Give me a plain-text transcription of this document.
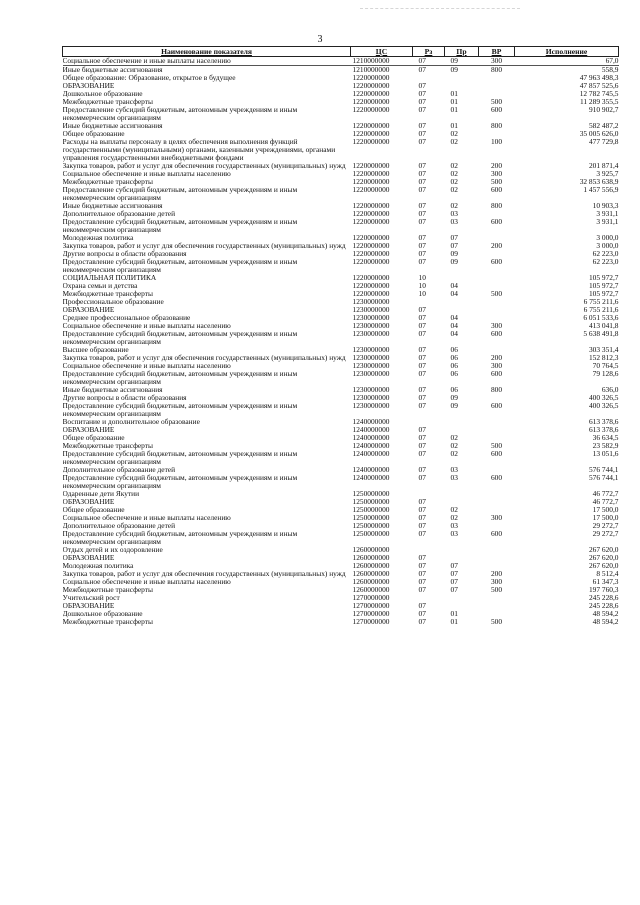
3
Наименование показателя	ЦС	Рз	Пр	ВР	Исполнение
Социальное обеспечение и иные выплаты населению	1210000000	07	09	300	67,0
Иные бюджетные ассигнования	1210000000	07	09	800	558,9
Общее образование: Образование, открытое в будущее	1220000000				47 963 498,3
ОБРАЗОВАНИЕ	1220000000	07			47 857 525,6
Дошкольное образование	1220000000	07	01		12 782 745,5
Межбюджетные трансферты	1220000000	07	01	500	11 289 355,5
Предоставление субсидий бюджетным, автономным учреждениям и иным некоммерческим организациям	1220000000	07	01	600	910 902,7
Иные бюджетные ассигнования	1220000000	07	01	800	582 487,2
Общее образование	1220000000	07	02		35 005 626,0
Расходы на выплаты персоналу в целях обеспечения выполнения функций государственными (муниципальными) органами, казенными учреждениями, органами управления государственными внебюджетными фондами	1220000000	07	02	100	477 729,8
Закупка товаров, работ и услуг для обеспечения государственных (муниципальных) нужд	1220000000	07	02	200	201 871,4
Социальное обеспечение и иные выплаты населению	1220000000	07	02	300	3 925,7
Межбюджетные трансферты	1220000000	07	02	500	32 853 638,9
Предоставление субсидий бюджетным, автономным учреждениям и иным некоммерческим организациям	1220000000	07	02	600	1 457 556,9
Иные бюджетные ассигнования	1220000000	07	02	800	10 903,3
Дополнительное образование детей	1220000000	07	03		3 931,1
Предоставление субсидий бюджетным, автономным учреждениям и иным некоммерческим организациям	1220000000	07	03	600	3 931,1
Молодежная политика	1220000000	07	07		3 000,0
Закупка товаров, работ и услуг для обеспечения государственных (муниципальных) нужд	1220000000	07	07	200	3 000,0
Другие вопросы в области образования	1220000000	07	09		62 223,0
Предоставление субсидий бюджетным, автономным учреждениям и иным некоммерческим организациям	1220000000	07	09	600	62 223,0
СОЦИАЛЬНАЯ ПОЛИТИКА	1220000000	10			105 972,7
Охрана семьи и детства	1220000000	10	04		105 972,7
Межбюджетные трансферты	1220000000	10	04	500	105 972,7
Профессиональное образование	1230000000				6 755 211,6
ОБРАЗОВАНИЕ	1230000000	07			6 755 211,6
Среднее профессиональное образование	1230000000	07	04		6 051 533,6
Социальное обеспечение и иные выплаты населению	1230000000	07	04	300	413 041,8
Предоставление субсидий бюджетным, автономным учреждениям и иным некоммерческим организациям	1230000000	07	04	600	5 638 491,8
Высшее образование	1230000000	07	06		303 351,4
Закупка товаров, работ и услуг для обеспечения государственных (муниципальных) нужд	1230000000	07	06	200	152 812,3
Социальное обеспечение и иные выплаты населению	1230000000	07	06	300	70 764,5
Предоставление субсидий бюджетным, автономным учреждениям и иным некоммерческим организациям	1230000000	07	06	600	79 128,6
Иные бюджетные ассигнования	1230000000	07	06	800	636,0
Другие вопросы в области образования	1230000000	07	09		400 326,5
Предоставление субсидий бюджетным, автономным учреждениям и иным некоммерческим организациям	1230000000	07	09	600	400 326,5
Воспитание и дополнительное образование	1240000000				613 378,6
ОБРАЗОВАНИЕ	1240000000	07			613 378,6
Общее образование	1240000000	07	02		36 634,5
Межбюджетные трансферты	1240000000	07	02	500	23 582,9
Предоставление субсидий бюджетным, автономным учреждениям и иным некоммерческим организациям	1240000000	07	02	600	13 051,6
Дополнительное образование детей	1240000000	07	03		576 744,1
Предоставление субсидий бюджетным, автономным учреждениям и иным некоммерческим организациям	1240000000	07	03	600	576 744,1
Одаренные дети Якутии	1250000000				46 772,7
ОБРАЗОВАНИЕ	1250000000	07			46 772,7
Общее образование	1250000000	07	02		17 500,0
Социальное обеспечение и иные выплаты населению	1250000000	07	02	300	17 500,0
Дополнительное образование детей	1250000000	07	03		29 272,7
Предоставление субсидий бюджетным, автономным учреждениям и иным некоммерческим организациям	1250000000	07	03	600	29 272,7
Отдых детей и их оздоровление	1260000000				267 620,0
ОБРАЗОВАНИЕ	1260000000	07			267 620,0
Молодежная политика	1260000000	07	07		267 620,0
Закупка товаров, работ и услуг для обеспечения государственных (муниципальных) нужд	1260000000	07	07	200	8 512,4
Социальное обеспечение и иные выплаты населению	1260000000	07	07	300	61 347,3
Межбюджетные трансферты	1260000000	07	07	500	197 760,3
Учительский рост	1270000000				245 228,6
ОБРАЗОВАНИЕ	1270000000	07			245 228,6
Дошкольное образование	1270000000	07	01		48 594,2
Межбюджетные трансферты	1270000000	07	01	500	48 594,2
